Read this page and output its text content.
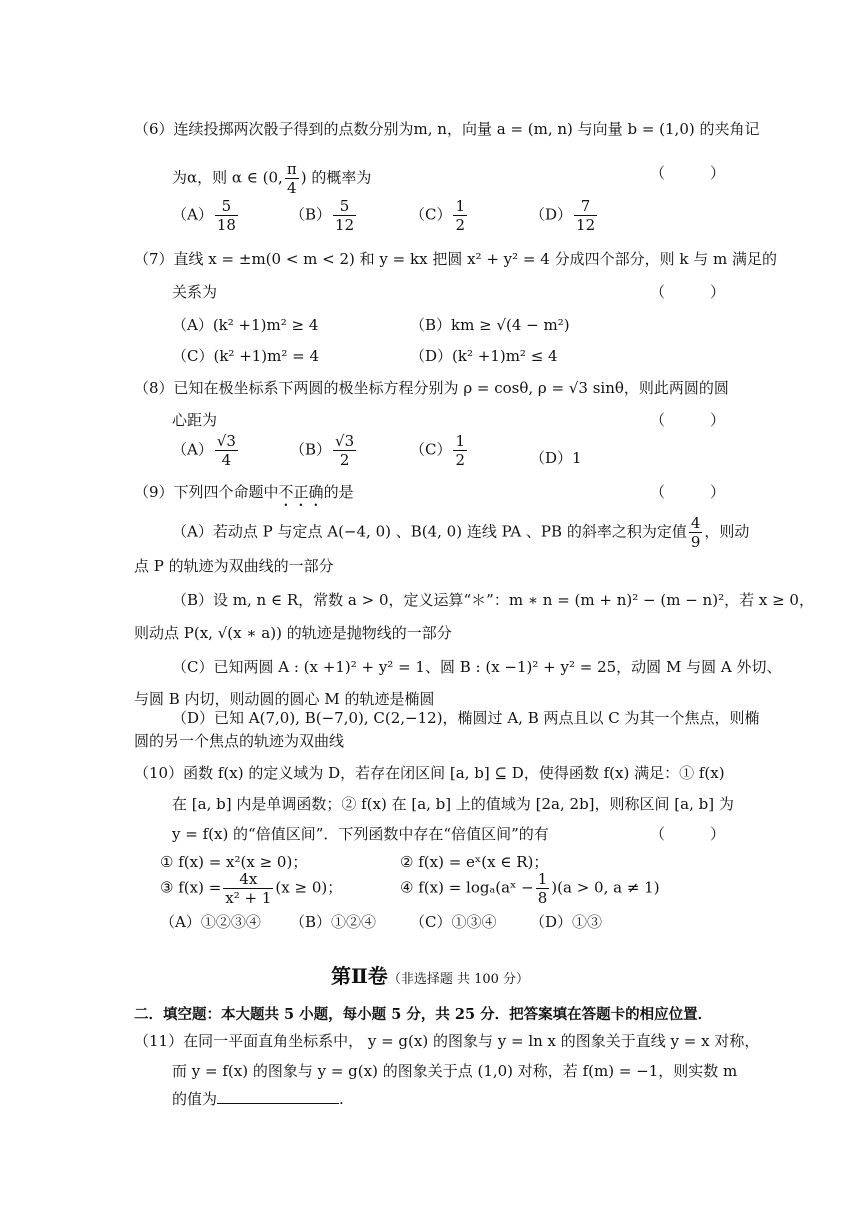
（6）连续投掷两次骰子得到的点数分别为m, n，向量 a = (m, n) 与向量 b = (1,0) 的夹角记
为α，则 α ∈ (0, $\frac{\pi}{4}$ ) 的概率为	（　　　）
$(A) \frac{5}{18}$	$(B) \frac{5}{12}$	$(C) \frac{1}{2}$	$(D) \frac{7}{12}$
（7）直线 x = ±m(0 < m < 2) 和 y = kx 把圆 x² + y² = 4 分成四个部分，则 k 与 m 满足的
关系为	（　　　）
（A）(k² +1)m² ≥ 4	（B）km ≥ √(4 − m²)
（C）(k² +1)m² = 4	（D）(k² +1)m² ≤ 4
（8）已知在极坐标系下两圆的极坐标方程分别为 ρ = cosθ, ρ = √3 sinθ，则此两圆的圆
心距为	（　　　）
$(A) \frac{√3}{4}$	$(B) \frac{√3}{2}$	$(C) \frac{1}{2}$	（D）1
（9）下列四个命题中不正确的是	（　　　）
（A）若动点 P 与定点 A(−4, 0) 、B(4, 0) 连线 PA 、PB 的斜率之积为定值 $\frac{4}{9}$ ，则动
点 P 的轨迹为双曲线的一部分
（B）设 m, n ∈ R，常数 a > 0，定义运算“＊”：m ∗ n = (m + n)² − (m − n)²，若 x ≥ 0，
则动点 P(x, √(x ∗ a)) 的轨迹是抛物线的一部分
（C）已知两圆 A : (x +1)² + y² = 1、圆 B : (x −1)² + y² = 25，动圆 M 与圆 A 外切、
与圆 B 内切，则动圆的圆心 M 的轨迹是椭圆
（D）已知 A(7,0), B(−7,0), C(2,−12)，椭圆过 A, B 两点且以 C 为其一个焦点，则椭
圆的另一个焦点的轨迹为双曲线
（10）函数 f(x) 的定义域为 D，若存在闭区间 [a, b] ⊆ D，使得函数 f(x) 满足：① f(x)
在 [a, b] 内是单调函数；② f(x) 在 [a, b] 上的值域为 [2a, 2b]，则称区间 [a, b] 为
y = f(x) 的“倍值区间”．下列函数中存在“倍值区间”的有	（　　　）
① f(x) = x²(x ≥ 0)；	② f(x) = eˣ(x ∈ R)；
③ $f(x) = \frac{4x}{\text{x² + 1}} (x \ge 0)$；	④ f(x) = logₐ(aˣ − $\frac{1}{8} )(a > 0$, a ≠ 1)
（A）①②③④ （B）①②④ （C）①③④ （D）①③
第Ⅱ卷（非选择题 共 100 分）
二．填空题：本大题共 5 小题，每小题 5 分，共 25 分．把答案填在答题卡的相应位置．
（11）在同一平面直角坐标系中， y = g(x) 的图象与 y = ln x 的图象关于直线 y = x 对称，
而 y = f(x) 的图象与 y = g(x) 的图象关于点 (1,0) 对称，若 f(m) = −1，则实数 m
的值为	.
